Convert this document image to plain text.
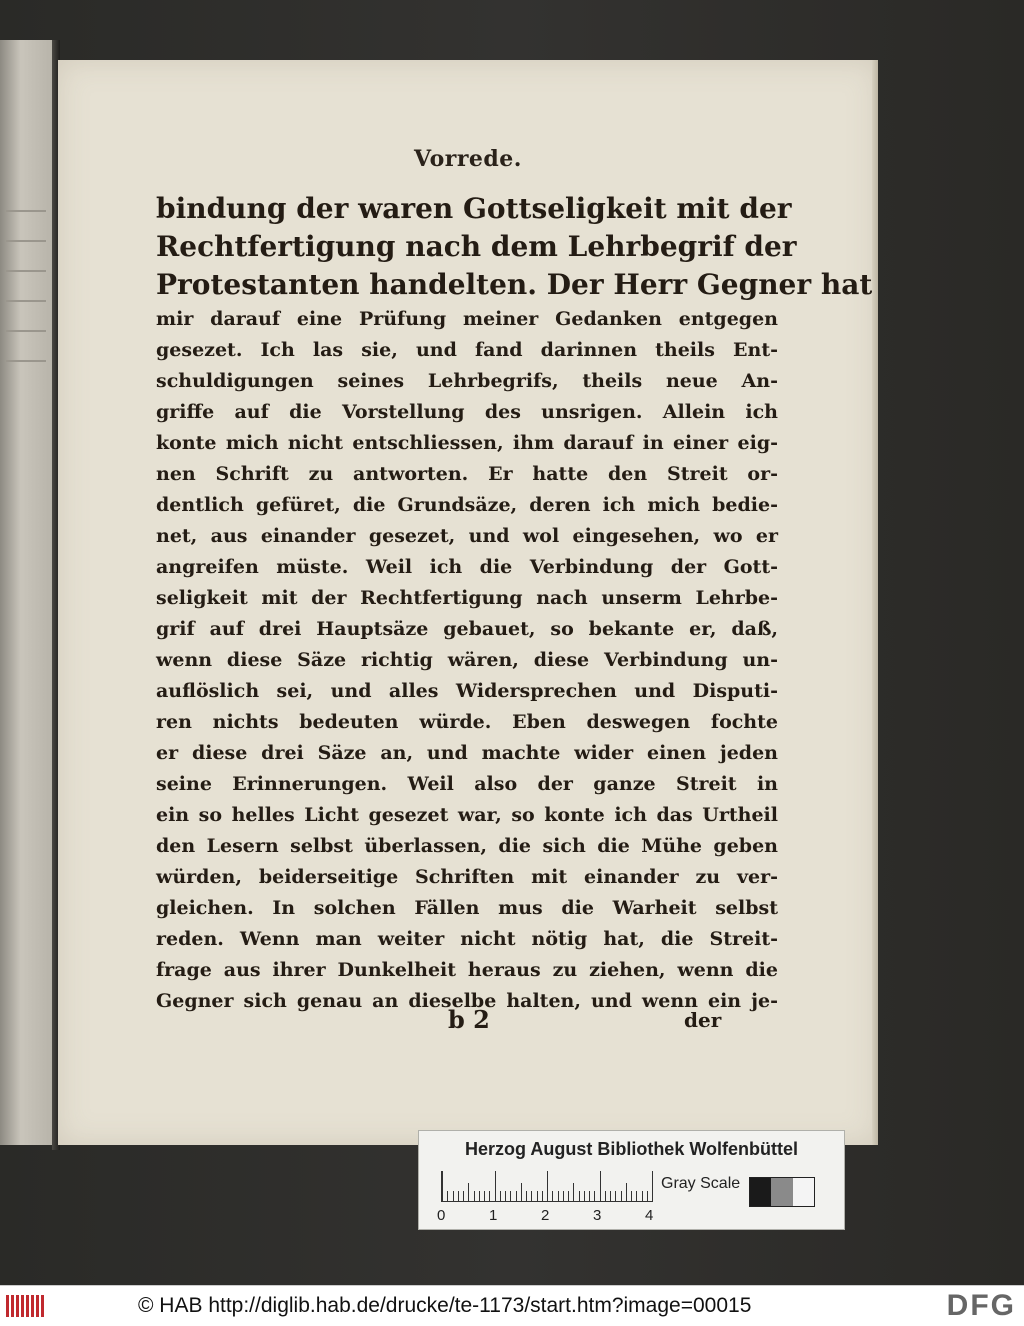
Vorrede.
bindung der waren Gottseligkeit mit der
Rechtfertigung nach dem Lehrbegrif der
Protestanten handelten. Der Herr Gegner hat
mir darauf eine Prüfung meiner Gedanken entgegen
gesezet. Ich las sie, und fand darinnen theils Ent-
schuldigungen seines Lehrbegrifs, theils neue An-
griffe auf die Vorstellung des unsrigen. Allein ich
konte mich nicht entschliessen, ihm darauf in einer eig-
nen Schrift zu antworten. Er hatte den Streit or-
dentlich gefüret, die Grundsäze, deren ich mich bedie-
net, aus einander gesezet, und wol eingesehen, wo er
angreifen müste. Weil ich die Verbindung der Gott-
seligkeit mit der Rechtfertigung nach unserm Lehrbe-
grif auf drei Hauptsäze gebauet, so bekante er, daß,
wenn diese Säze richtig wären, diese Verbindung un-
auflöslich sei, und alles Widersprechen und Disputi-
ren nichts bedeuten würde. Eben deswegen fochte
er diese drei Säze an, und machte wider einen jeden
seine Erinnerungen. Weil also der ganze Streit in
ein so helles Licht gesezet war, so konte ich das Urtheil
den Lesern selbst überlassen, die sich die Mühe geben
würden, beiderseitige Schriften mit einander zu ver-
gleichen. In solchen Fällen mus die Warheit selbst
reden. Wenn man weiter nicht nötig hat, die Streit-
frage aus ihrer Dunkelheit heraus zu ziehen, wenn die
Gegner sich genau an dieselbe halten, und wenn ein je-
b 2	der
Herzog August Bibliothek Wolfenbüttel
0	1	2	3	4
Gray Scale
© HAB http://diglib.hab.de/drucke/te-1173/start.htm?image=00015	DFG
